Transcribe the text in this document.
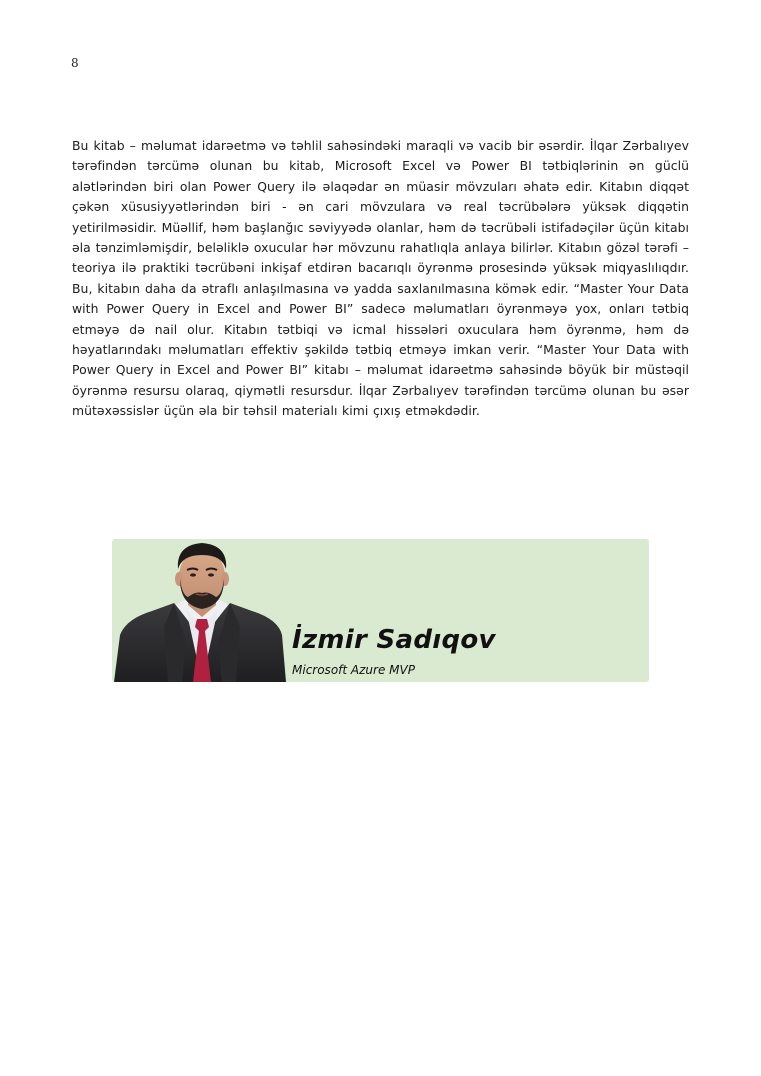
8

Bu kitab – məlumat idarəetmə və təhlil sahəsindəki maraqli və vacib bir əsərdir. İlqar Zərbalıyev tərəfindən tərcümə olunan bu kitab, Microsoft Excel və Power BI tətbiqlərinin ən güclü alətlərindən biri olan Power Query ilə əlaqədar ən müasir mövzuları əhatə edir. Kitabın diqqət çəkən xüsusiyyətlərindən biri - ən cari mövzulara və real təcrübələrə yüksək diqqətin yetirilməsidir. Müəllif, həm başlanğıc səviyyədə olanlar, həm də təcrübəli istifadəçilər üçün kitabı əla tənzimləmişdir, beləliklə oxucular hər mövzunu rahatlıqla anlaya bilirlər. Kitabın gözəl tərəfi – teoriya ilə praktiki təcrübəni inkişaf etdirən bacarıqlı öyrənmə prosesində yüksək miqyaslılıqdır. Bu, kitabın daha da ətraflı anlaşılmasına və yadda saxlanılmasına kömək edir. “Master Your Data with Power Query in Excel and Power BI” sadecə məlumatları öyrənməyə yox, onları tətbiq etməyə də nail olur. Kitabın tətbiqi və icmal hissələri oxuculara həm öyrənmə, həm də həyatlarındakı məlumatları effektiv şəkildə tətbiq etməyə imkan verir. “Master Your Data with Power Query in Excel and Power BI” kitabı – məlumat idarəetmə sahəsində böyük bir müstəqil öyrənmə resursu olaraq, qiymətli resursdur. İlqar Zərbalıyev tərəfindən tərcümə olunan bu əsər mütəxəssislər üçün əla bir təhsil materialı kimi çıxış etməkdədir.

İzmir Sadıqov
Microsoft Azure MVP
